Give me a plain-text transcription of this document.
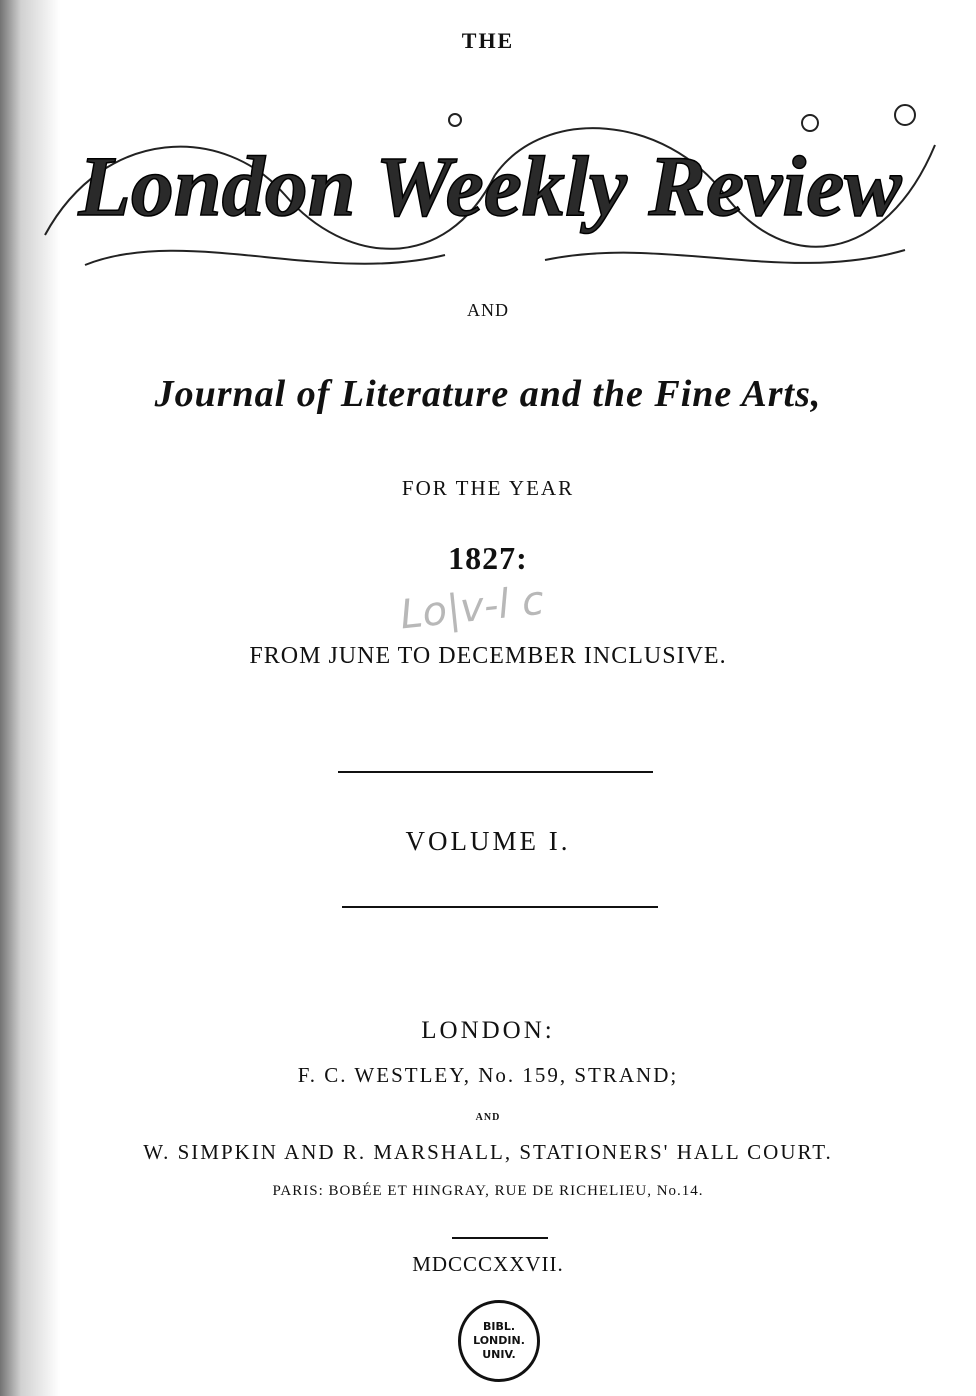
THE
London Weekly Review
AND
Journal of Literature and the Fine Arts,
FOR THE YEAR
1827:
Lo|v-l c
FROM JUNE TO DECEMBER INCLUSIVE.
VOLUME I.
LONDON:
F. C. WESTLEY, No. 159, STRAND;
AND
W. SIMPKIN AND R. MARSHALL, STATIONERS' HALL COURT.
PARIS: BOBÉE ET HINGRAY, RUE DE RICHELIEU, No.14.
MDCCCXXVII.
BIBL.
LONDIN.
UNIV.
